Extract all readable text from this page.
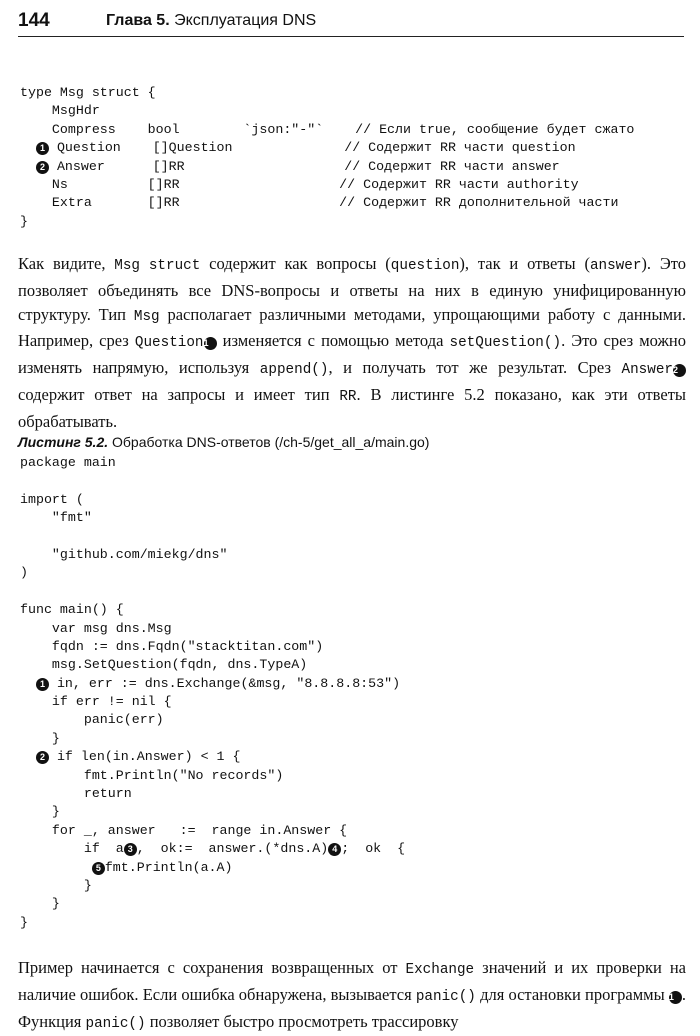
144	Глава 5. Эксплуатация DNS
type Msg struct {
MsgHdr
Compress    bool        `json:"-"`    // Если true, сообщение будет сжато
1 Question    []Question              // Содержит RR части question
2 Answer      []RR                    // Содержит RR части answer
Ns          []RR                    // Содержит RR части authority
Extra       []RR                    // Содержит RR дополнительной части
}
Как видите, Msg struct содержит как вопросы (question), так и ответы (answer). Это позволяет объединять все DNS-вопросы и ответы на них в единую унифицированную структуру. Тип Msg располагает различными методами, упрощающими работу с данными. Например, срез Question1 изменяется с помощью метода setQuestion(). Это срез можно изменять напрямую, используя append(), и получать тот же результат. Срез Answer2 содержит ответ на запросы и имеет тип RR. В листинге 5.2 показано, как эти ответы обрабатывать.
Листинг 5.2. Обработка DNS-ответов (/ch-5/get_all_a/main.go)
package main

import (
"fmt"

"github.com/miekg/dns"
)

func main() {
var msg dns.Msg
fqdn := dns.Fqdn("stacktitan.com")
msg.SetQuestion(fqdn, dns.TypeA)
1 in, err := dns.Exchange(&msg, "8.8.8.8:53")
if err != nil {
panic(err)
}
2 if len(in.Answer) < 1 {
fmt.Println("No records")
return
}
for _, answer   :=  range in.Answer {
if  a 3 ,  ok:=  answer.(*dns.A) 4 ;  ok  {
5 fmt.Println(a.A)
}
}
}
Пример начинается с сохранения возвращенных от Exchange значений и их проверки на наличие ошибок. Если ошибка обнаружена, вызывается panic() для остановки программы 1 . Функция panic() позволяет быстро просмотреть трассировку
